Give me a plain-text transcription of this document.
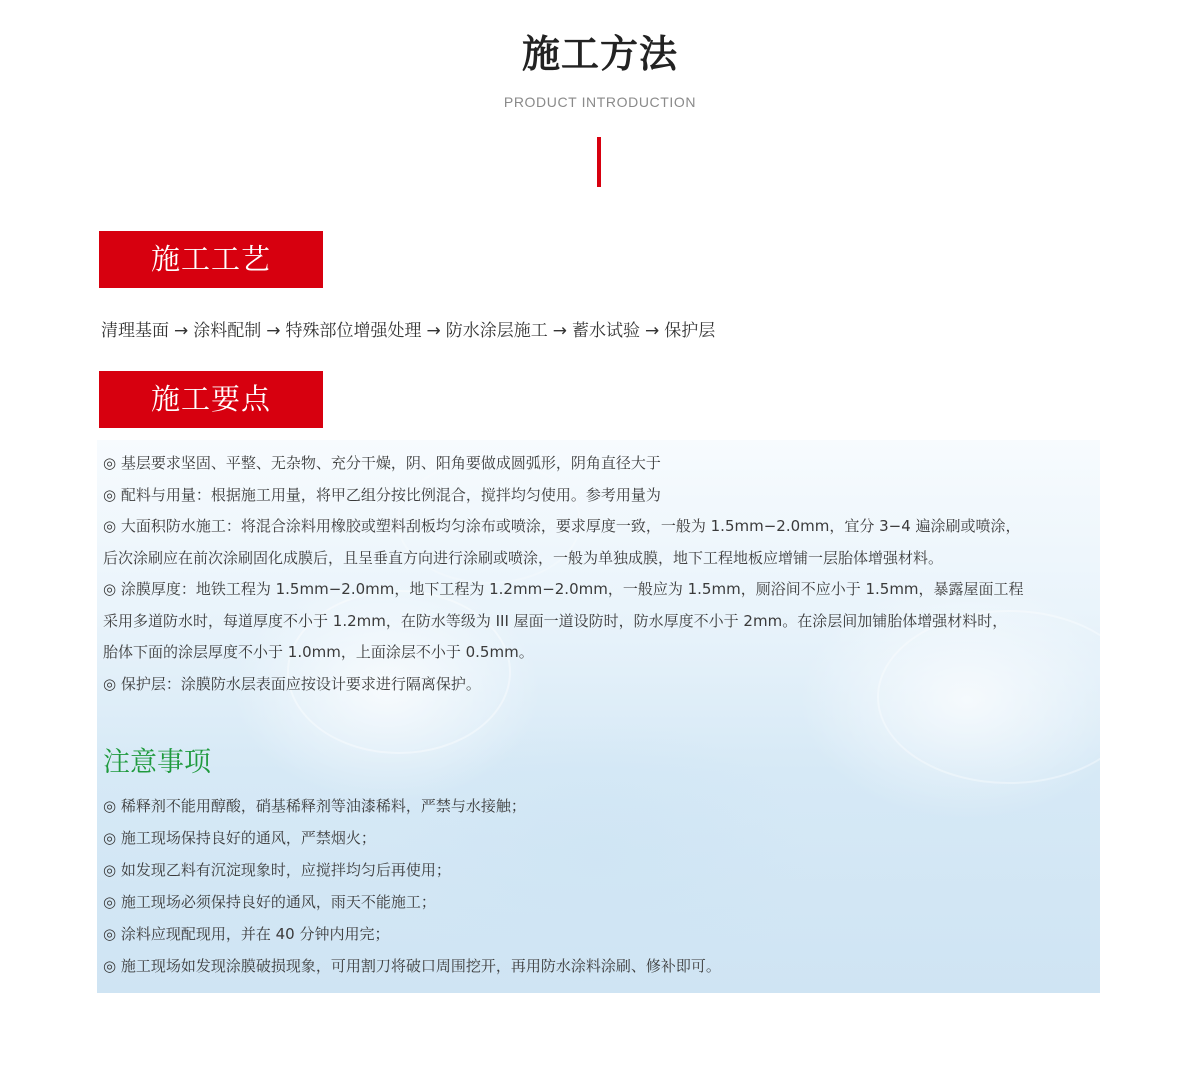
施工方法
PRODUCT INTRODUCTION
施工工艺
清理基面 → 涂料配制 → 特殊部位增强处理 → 防水涂层施工 → 蓄水试验 → 保护层
施工要点
◎ 基层要求坚固、平整、无杂物、充分干燥，阴、阳角要做成圆弧形，阴角直径大于
◎ 配料与用量：根据施工用量，将甲乙组分按比例混合，搅拌均匀使用。参考用量为
◎ 大面积防水施工：将混合涂料用橡胶或塑料刮板均匀涂布或喷涂，要求厚度一致，一般为 1.5mm−2.0mm，宜分 3−4 遍涂刷或喷涂，
后次涂刷应在前次涂刷固化成膜后，且呈垂直方向进行涂刷或喷涂，一般为单独成膜，地下工程地板应增铺一层胎体增强材料。
◎ 涂膜厚度：地铁工程为 1.5mm−2.0mm，地下工程为 1.2mm−2.0mm，一般应为 1.5mm，厕浴间不应小于 1.5mm，暴露屋面工程
采用多道防水时，每道厚度不小于 1.2mm，在防水等级为 III 屋面一道设防时，防水厚度不小于 2mm。在涂层间加铺胎体增强材料时，
胎体下面的涂层厚度不小于 1.0mm，上面涂层不小于 0.5mm。
◎ 保护层：涂膜防水层表面应按设计要求进行隔离保护。
注意事项
◎ 稀释剂不能用醇酸，硝基稀释剂等油漆稀料，严禁与水接触；
◎ 施工现场保持良好的通风，严禁烟火；
◎ 如发现乙料有沉淀现象时，应搅拌均匀后再使用；
◎ 施工现场必须保持良好的通风，雨天不能施工；
◎ 涂料应现配现用，并在 40 分钟内用完；
◎ 施工现场如发现涂膜破损现象，可用割刀将破口周围挖开，再用防水涂料涂刷、修补即可。
